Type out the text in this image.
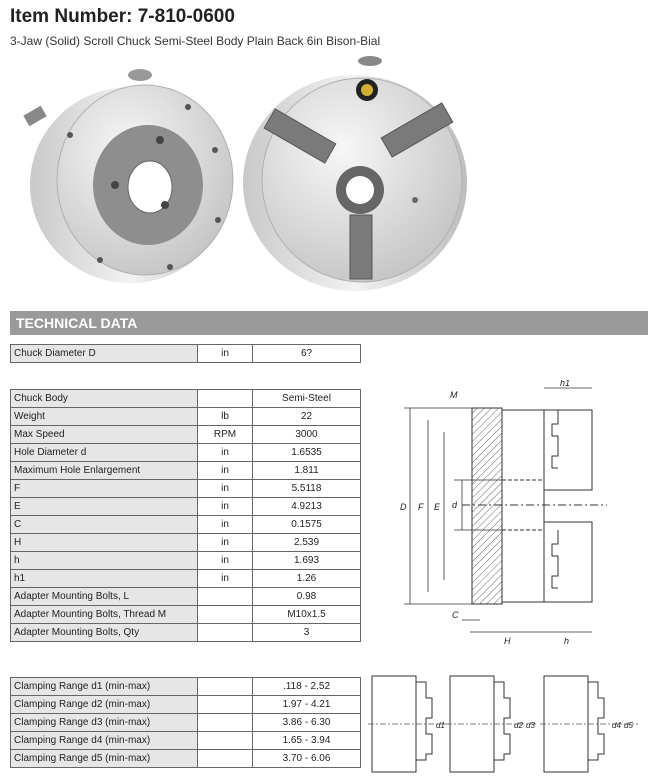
Item Number: 7-810-0600
3-Jaw (Solid) Scroll Chuck Semi-Steel Body Plain Back 6in Bison-Bial
TECHNICAL DATA
Chuck Diameter D	in	6?
Chuck Body		Semi-Steel
Weight	lb	22
Max Speed	RPM	3000
Hole Diameter d	in	1.6535
Maximum Hole Enlargement	in	1.811
F	in	5.5118
E	in	4.9213
C	in	0.1575
H	in	2.539
h	in	1.693
h1	in	1.26
Adapter Mounting Bolts, L		0.98
Adapter Mounting Bolts, Thread M		M10x1.5
Adapter Mounting Bolts, Qty		3
Clamping Range d1 (min-max)		.118 - 2.52
Clamping Range d2 (min-max)		1.97 - 4.21
Clamping Range d3 (min-max)		3.86 - 6.30
Clamping Range d4 (min-max)		1.65 - 3.94
Clamping Range d5 (min-max)		3.70 - 6.06
D F E d
M
C
H	h
h1
d1	d2 d3	d4 d5
